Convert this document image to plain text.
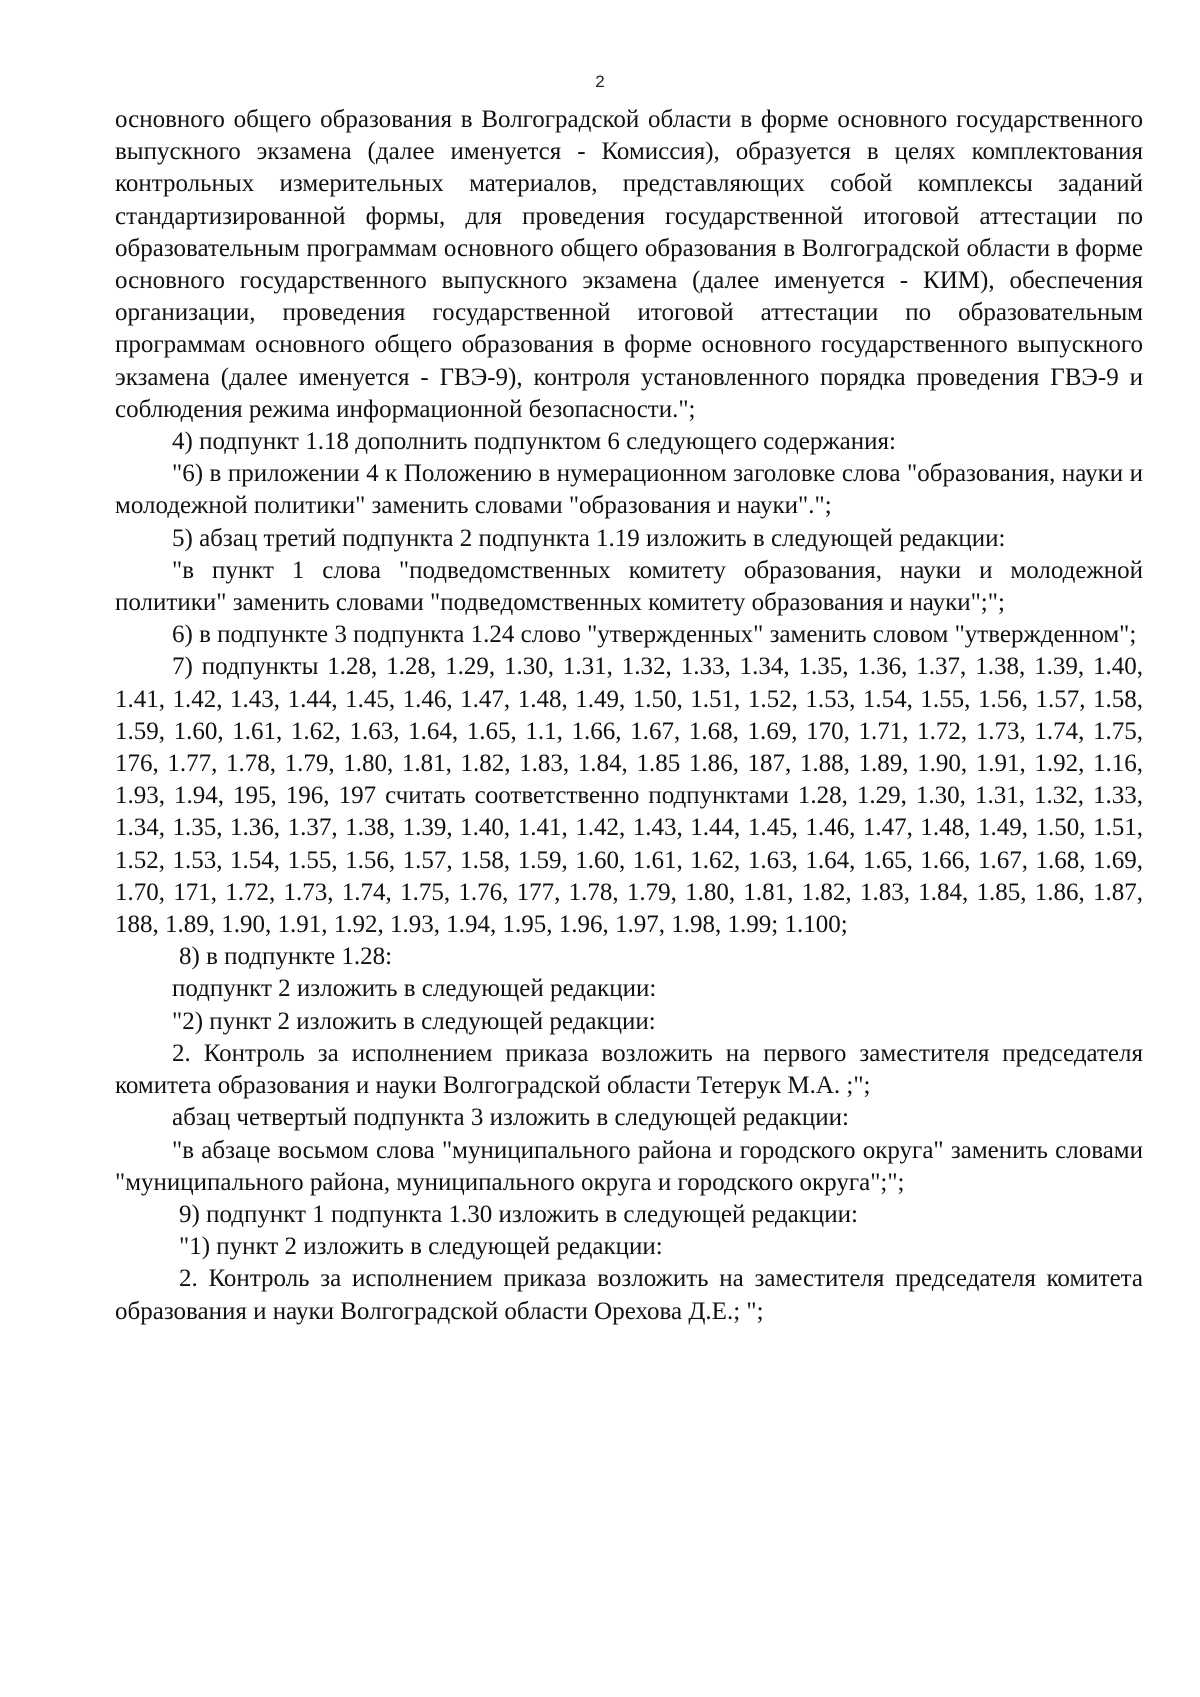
2

основного общего образования в Волгоградской области в форме основного государственного выпускного экзамена (далее именуется - Комиссия), образуется в целях комплектования контрольных измерительных материалов, представляющих собой комплексы заданий стандартизированной формы, для проведения государственной итоговой аттестации по образовательным программам основного общего образования в Волгоградской области в форме основного государственного выпускного экзамена (далее именуется - КИМ), обеспечения организации, проведения государственной итоговой аттестации по образовательным программам основного общего образования в форме основного государственного выпускного экзамена (далее именуется - ГВЭ-9), контроля установленного порядка проведения ГВЭ-9 и соблюдения режима информационной безопасности.";

4) подпункт 1.18 дополнить подпунктом 6 следующего содержания:

"6) в приложении 4 к Положению в нумерационном заголовке слова "образования, науки и молодежной политики" заменить словами "образования и науки".";

5) абзац третий подпункта 2 подпункта 1.19 изложить в следующей редакции:

"в пункт 1 слова "подведомственных комитету образования, науки и молодежной политики" заменить словами "подведомственных комитету образования и науки";";

6) в подпункте 3 подпункта 1.24 слово "утвержденных" заменить словом "утвержденном";

7) подпункты 1.28, 1.28, 1.29, 1.30, 1.31, 1.32, 1.33, 1.34, 1.35, 1.36, 1.37, 1.38, 1.39, 1.40, 1.41, 1.42, 1.43, 1.44, 1.45, 1.46, 1.47, 1.48, 1.49, 1.50, 1.51, 1.52, 1.53, 1.54, 1.55, 1.56, 1.57, 1.58, 1.59, 1.60, 1.61, 1.62, 1.63, 1.64, 1.65, 1.1, 1.66, 1.67, 1.68, 1.69, 170, 1.71, 1.72, 1.73, 1.74, 1.75, 176, 1.77, 1.78, 1.79, 1.80, 1.81, 1.82, 1.83, 1.84, 1.85 1.86, 187, 1.88, 1.89, 1.90, 1.91, 1.92, 1.16, 1.93, 1.94, 195, 196, 197 считать соответственно подпунктами 1.28, 1.29, 1.30, 1.31, 1.32, 1.33, 1.34, 1.35, 1.36, 1.37, 1.38, 1.39, 1.40, 1.41, 1.42, 1.43, 1.44, 1.45, 1.46, 1.47, 1.48, 1.49, 1.50, 1.51, 1.52, 1.53, 1.54, 1.55, 1.56, 1.57, 1.58, 1.59, 1.60, 1.61, 1.62, 1.63, 1.64, 1.65, 1.66, 1.67, 1.68, 1.69, 1.70, 171, 1.72, 1.73, 1.74, 1.75, 1.76, 177, 1.78, 1.79, 1.80, 1.81, 1.82, 1.83, 1.84, 1.85, 1.86, 1.87, 188, 1.89, 1.90, 1.91, 1.92, 1.93, 1.94, 1.95, 1.96, 1.97, 1.98, 1.99; 1.100;

8) в подпункте 1.28:

подпункт 2 изложить в следующей редакции:

"2) пункт 2 изложить в следующей редакции:

2. Контроль за исполнением приказа возложить на первого заместителя председателя комитета образования и науки Волгоградской области Тетерук М.А. ;";

абзац четвертый подпункта 3 изложить в следующей редакции:

"в абзаце восьмом слова "муниципального района и городского округа" заменить словами "муниципального района, муниципального округа и городского округа";";

9) подпункт 1 подпункта 1.30 изложить в следующей редакции:

"1) пункт 2 изложить в следующей редакции:

2. Контроль за исполнением приказа возложить на заместителя председателя комитета образования и науки Волгоградской области Орехова Д.Е.; ";
